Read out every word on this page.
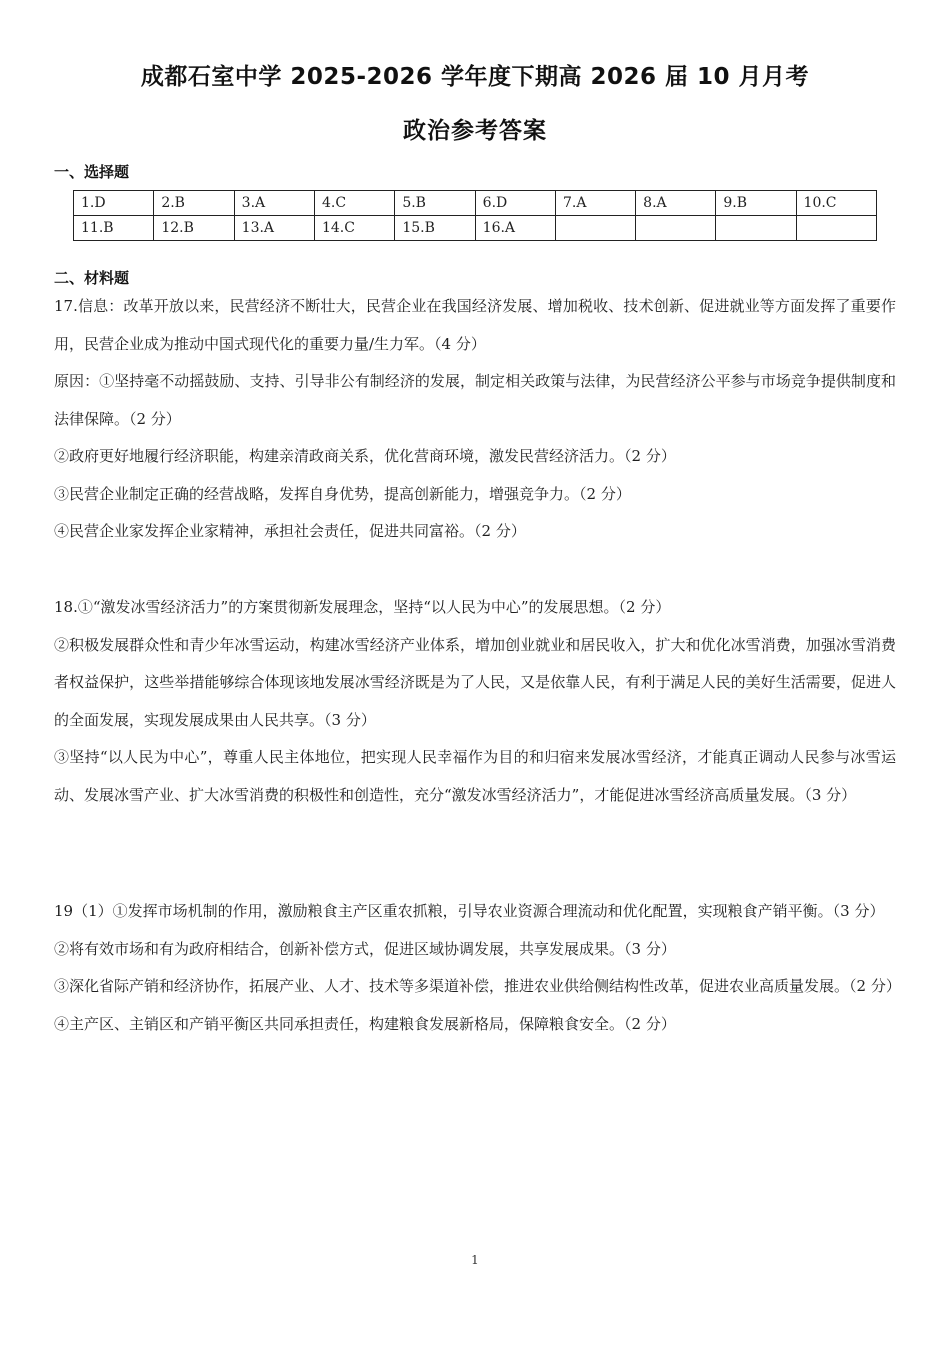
成都石室中学 2025-2026 学年度下期高 2026 届 10 月月考
政治参考答案
一、选择题
1.D	2.B	3.A	4.C	5.B	6.D	7.A	8.A	9.B	10.C
11.B	12.B	13.A	14.C	15.B	16.A				
二、材料题
17.信息：改革开放以来，民营经济不断壮大，民营企业在我国经济发展、增加税收、技术创新、促进就业等方面发挥了重要作用，民营企业成为推动中国式现代化的重要力量/生力军。（4 分）
原因：①坚持毫不动摇鼓励、支持、引导非公有制经济的发展，制定相关政策与法律，为民营经济公平参与市场竞争提供制度和法律保障。（2 分）
②政府更好地履行经济职能，构建亲清政商关系，优化营商环境，激发民营经济活力。（2 分）
③民营企业制定正确的经营战略，发挥自身优势，提高创新能力，增强竞争力。（2 分）
④民营企业家发挥企业家精神，承担社会责任，促进共同富裕。（2 分）
18.①“激发冰雪经济活力”的方案贯彻新发展理念，坚持“以人民为中心”的发展思想。（2 分）
②积极发展群众性和青少年冰雪运动，构建冰雪经济产业体系，增加创业就业和居民收入，扩大和优化冰雪消费，加强冰雪消费者权益保护，这些举措能够综合体现该地发展冰雪经济既是为了人民，又是依靠人民，有利于满足人民的美好生活需要，促进人的全面发展，实现发展成果由人民共享。（3 分）
③坚持“以人民为中心”，尊重人民主体地位，把实现人民幸福作为目的和归宿来发展冰雪经济，才能真正调动人民参与冰雪运动、发展冰雪产业、扩大冰雪消费的积极性和创造性，充分“激发冰雪经济活力”，才能促进冰雪经济高质量发展。（3 分）
19（1）①发挥市场机制的作用，激励粮食主产区重农抓粮，引导农业资源合理流动和优化配置，实现粮食产销平衡。（3 分）
②将有效市场和有为政府相结合，创新补偿方式，促进区域协调发展，共享发展成果。（3 分）
③深化省际产销和经济协作，拓展产业、人才、技术等多渠道补偿，推进农业供给侧结构性改革，促进农业高质量发展。（2 分）
④主产区、主销区和产销平衡区共同承担责任，构建粮食发展新格局，保障粮食安全。（2 分）
1
